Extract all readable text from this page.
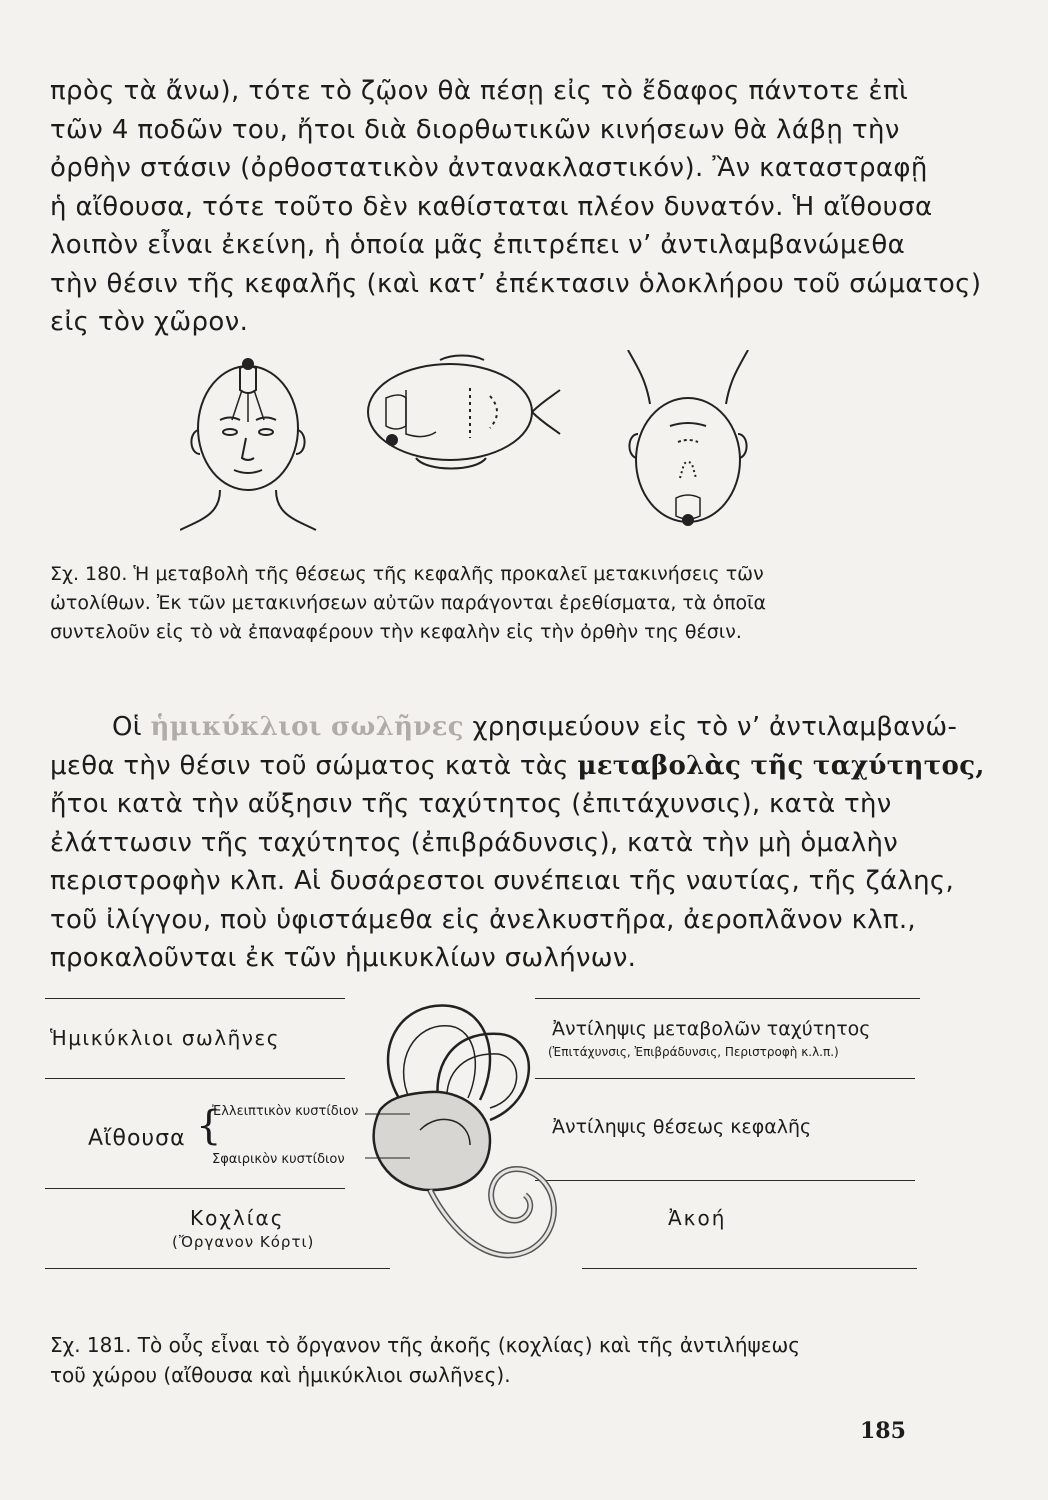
πρὸς τὰ ἄνω), τότε τὸ ζῷον θὰ πέσῃ εἰς τὸ ἔδαφος πάντοτε ἐπὶ
τῶν 4 ποδῶν του, ἤτοι διὰ διορθωτικῶν κινήσεων θὰ λάβῃ τὴν
ὀρθὴν στάσιν (ὀρθοστατικὸν ἀντανακλαστικόν). Ἂν καταστραφῇ
ἡ αἴθουσα, τότε τοῦτο δὲν καθίσταται πλέον δυνατόν. Ἡ αἴθουσα
λοιπὸν εἶναι ἐκείνη, ἡ ὁποία μᾶς ἐπιτρέπει ν’ ἀντιλαμβανώμεθα
τὴν θέσιν τῆς κεφαλῆς (καὶ κατ’ ἐπέκτασιν ὁλοκλήρου τοῦ σώματος)
εἰς τὸν χῶρον.
Σχ. 180. Ἡ μεταβολὴ τῆς θέσεως τῆς κεφαλῆς προκαλεῖ μετακινήσεις τῶν
ὠτολίθων. Ἐκ τῶν μετακινήσεων αὐτῶν παράγονται ἐρεθίσματα, τὰ ὁποῖα
συντελοῦν εἰς τὸ νὰ ἐπαναφέρουν τὴν κεφαλὴν εἰς τὴν ὀρθὴν της θέσιν.
Οἱ ἡμικύκλιοι σωλῆνες χρησιμεύουν εἰς τὸ ν’ ἀντιλαμβανώ-
μεθα τὴν θέσιν τοῦ σώματος κατὰ τὰς μεταβολὰς τῆς ταχύτητος,
ἤτοι κατὰ τὴν αὔξησιν τῆς ταχύτητος (ἐπιτάχυνσις), κατὰ τὴν
ἐλάττωσιν τῆς ταχύτητος (ἐπιβράδυνσις), κατὰ τὴν μὴ ὁμαλὴν
περιστροφὴν κλπ. Αἱ δυσάρεστοι συνέπειαι τῆς ναυτίας, τῆς ζάλης,
τοῦ ἰλίγγου, ποὺ ὑφιστάμεθα εἰς ἀνελκυστῆρα, ἀεροπλᾶνον κλπ.,
προκαλοῦνται ἐκ τῶν ἡμικυκλίων σωλήνων.
Ἡμικύκλιοι σωλῆνες
Αἴθουσα {
Ἐλλειπτικὸν κυστίδιον
Σφαιρικὸν κυστίδιον
Κοχλίας
(Ὄργανον Κόρτι)
Ἀντίληψις μεταβολῶν ταχύτητος
(Ἐπιτάχυνσις, Ἐπιβράδυνσις, Περιστροφὴ κ.λ.π.)
Ἀντίληψις θέσεως κεφαλῆς
Ἀκοή
Σχ. 181. Τὸ οὖς εἶναι τὸ ὄργανον τῆς ἀκοῆς (κοχλίας) καὶ τῆς ἀντιλήψεως
τοῦ χώρου (αἴθουσα καὶ ἡμικύκλιοι σωλῆνες).
185
